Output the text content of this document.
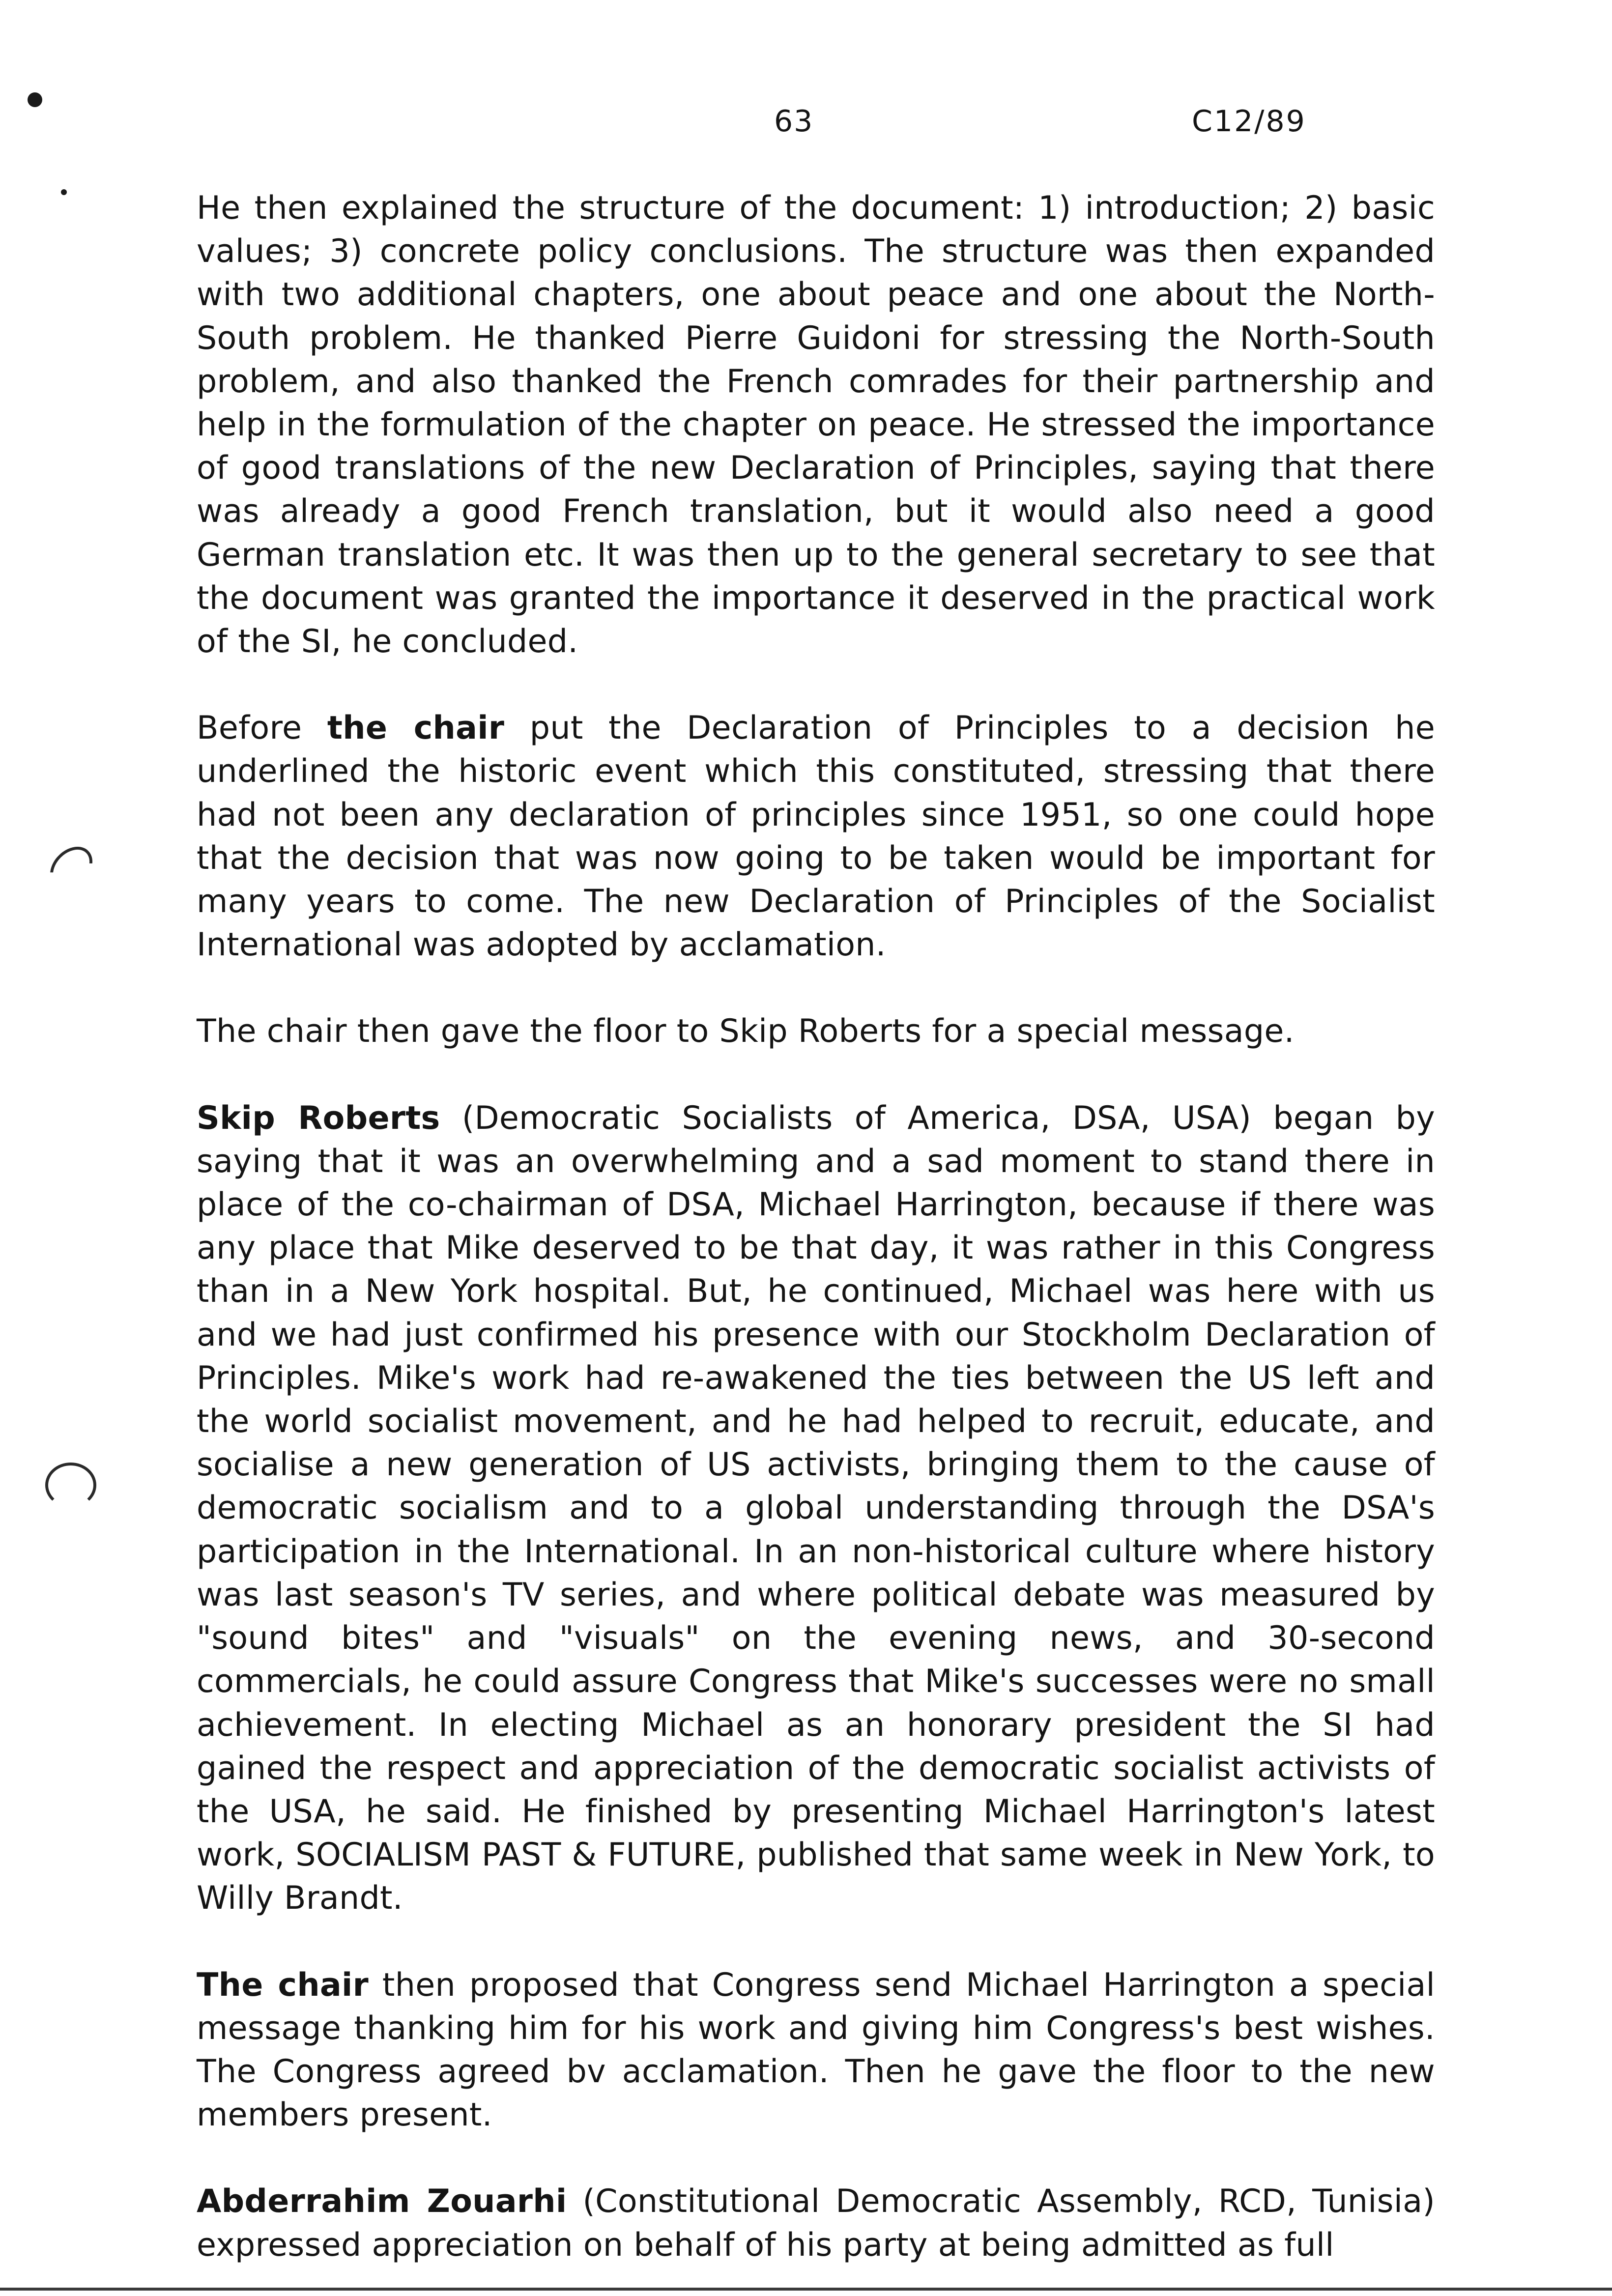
63	C12/89

He then explained the structure of the document: 1) introduction; 2) basic values; 3) concrete policy conclusions. The structure was then expanded with two additional chapters, one about peace and one about the North-South problem. He thanked Pierre Guidoni for stressing the North-South problem, and also thanked the French comrades for their partnership and help in the formulation of the chapter on peace. He stressed the importance of good translations of the new Declaration of Principles, saying that there was already a good French translation, but it would also need a good German translation etc. It was then up to the general secretary to see that the document was granted the importance it deserved in the practical work of the SI, he concluded.

Before the chair put the Declaration of Principles to a decision he underlined the historic event which this constituted, stressing that there had not been any declaration of principles since 1951, so one could hope that the decision that was now going to be taken would be important for many years to come. The new Declaration of Principles of the Socialist International was adopted by acclamation.

The chair then gave the floor to Skip Roberts for a special message.

Skip Roberts (Democratic Socialists of America, DSA, USA) began by saying that it was an overwhelming and a sad moment to stand there in place of the co-chairman of DSA, Michael Harrington, because if there was any place that Mike deserved to be that day, it was rather in this Congress than in a New York hospital. But, he continued, Michael was here with us and we had just confirmed his presence with our Stockholm Declaration of Principles. Mike's work had re-awakened the ties between the US left and the world socialist movement, and he had helped to recruit, educate, and socialise a new generation of US activists, bringing them to the cause of democratic socialism and to a global understanding through the DSA's participation in the International. In an non-historical culture where history was last season's TV series, and where political debate was measured by "sound bites" and "visuals" on the evening news, and 30-second commercials, he could assure Congress that Mike's successes were no small achievement. In electing Michael as an honorary president the SI had gained the respect and appreciation of the democratic socialist activists of the USA, he said. He finished by presenting Michael Harrington's latest work, SOCIALISM PAST & FUTURE, published that same week in New York, to Willy Brandt.

The chair then proposed that Congress send Michael Harrington a special message thanking him for his work and giving him Congress's best wishes. The Congress agreed bv acclamation. Then he gave the floor to the new members present.

Abderrahim Zouarhi (Constitutional Democratic Assembly, RCD, Tunisia) expressed appreciation on behalf of his party at being admitted as full
